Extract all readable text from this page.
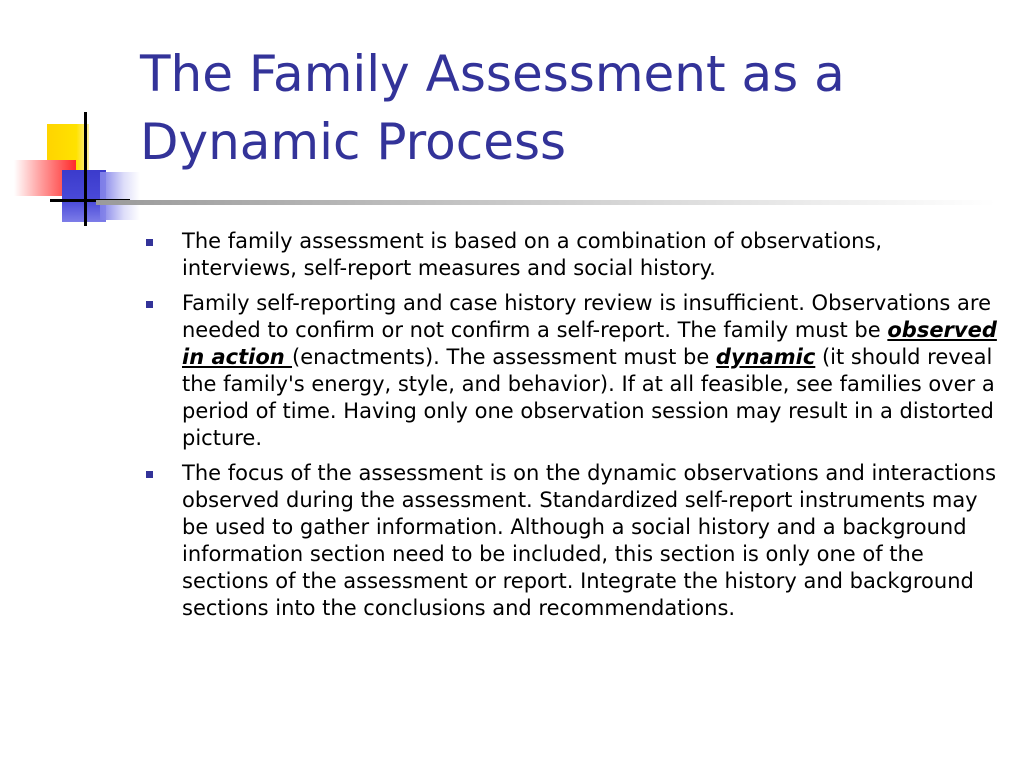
The Family Assessment as a Dynamic Process
The family assessment is based on a combination of observations, interviews, self-report measures and social history.
Family self-reporting and case history review is insufficient. Observations are needed to confirm or not confirm a self-report. The family must be observed in action (enactments). The assessment must be dynamic (it should reveal the family's energy, style, and behavior). If at all feasible, see families over a period of time. Having only one observation session may result in a distorted picture.
The focus of the assessment is on the dynamic observations and interactions observed during the assessment. Standardized self-report instruments may be used to gather information. Although a social history and a background information section need to be included, this section is only one of the sections of the assessment or report. Integrate the history and background sections into the conclusions and recommendations.
